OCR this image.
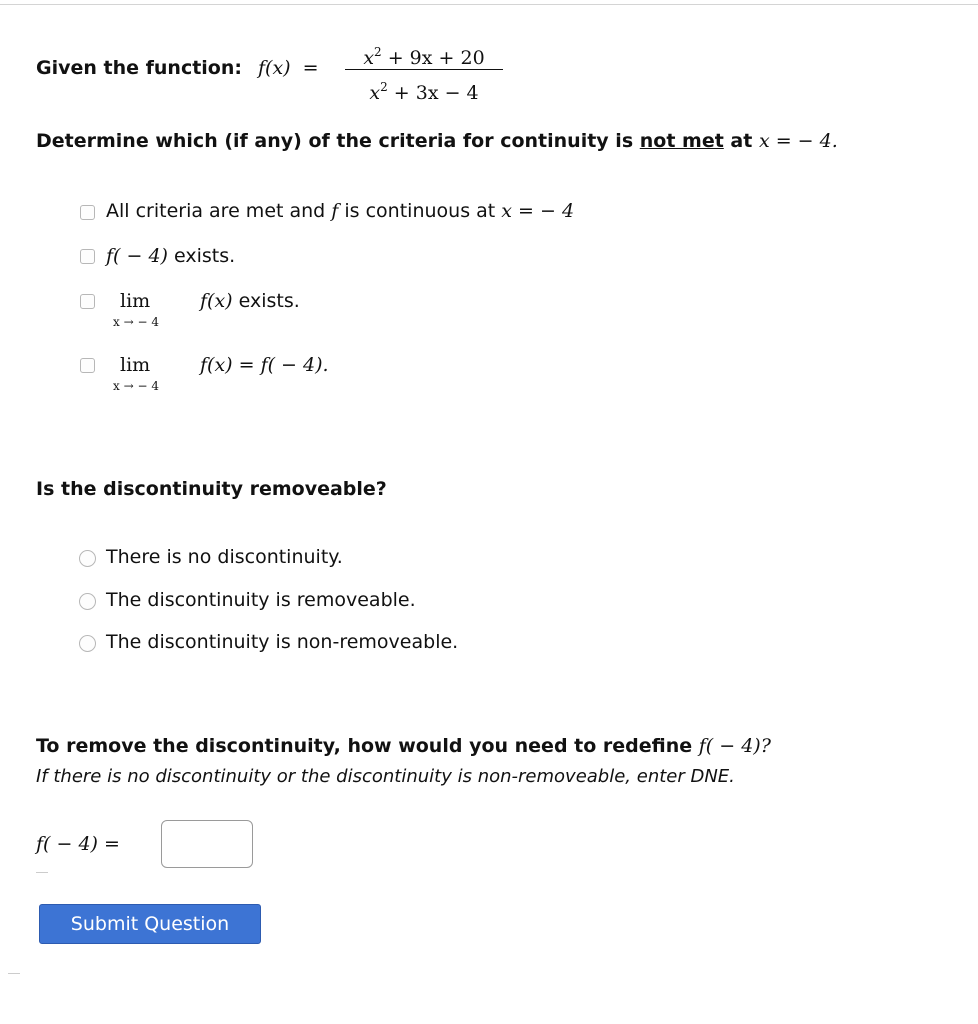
Given the function: f(x) =	$x^2 + 9x + 20$
$x^2 + 3x - 4$
Determine which (if any) of the criteria for continuity is not met at x = − 4.
All criteria are met and f is continuous at x = − 4
f( − 4) exists.
lim
x → − 4
f(x) exists.
lim
x → − 4
f(x) = f( − 4).
Is the discontinuity removeable?
There is no discontinuity.
The discontinuity is removeable.
The discontinuity is non-removeable.
To remove the discontinuity, how would you need to redefine f( − 4)?
If there is no discontinuity or the discontinuity is non-removeable, enter DNE.
f( − 4) =
Submit Question
